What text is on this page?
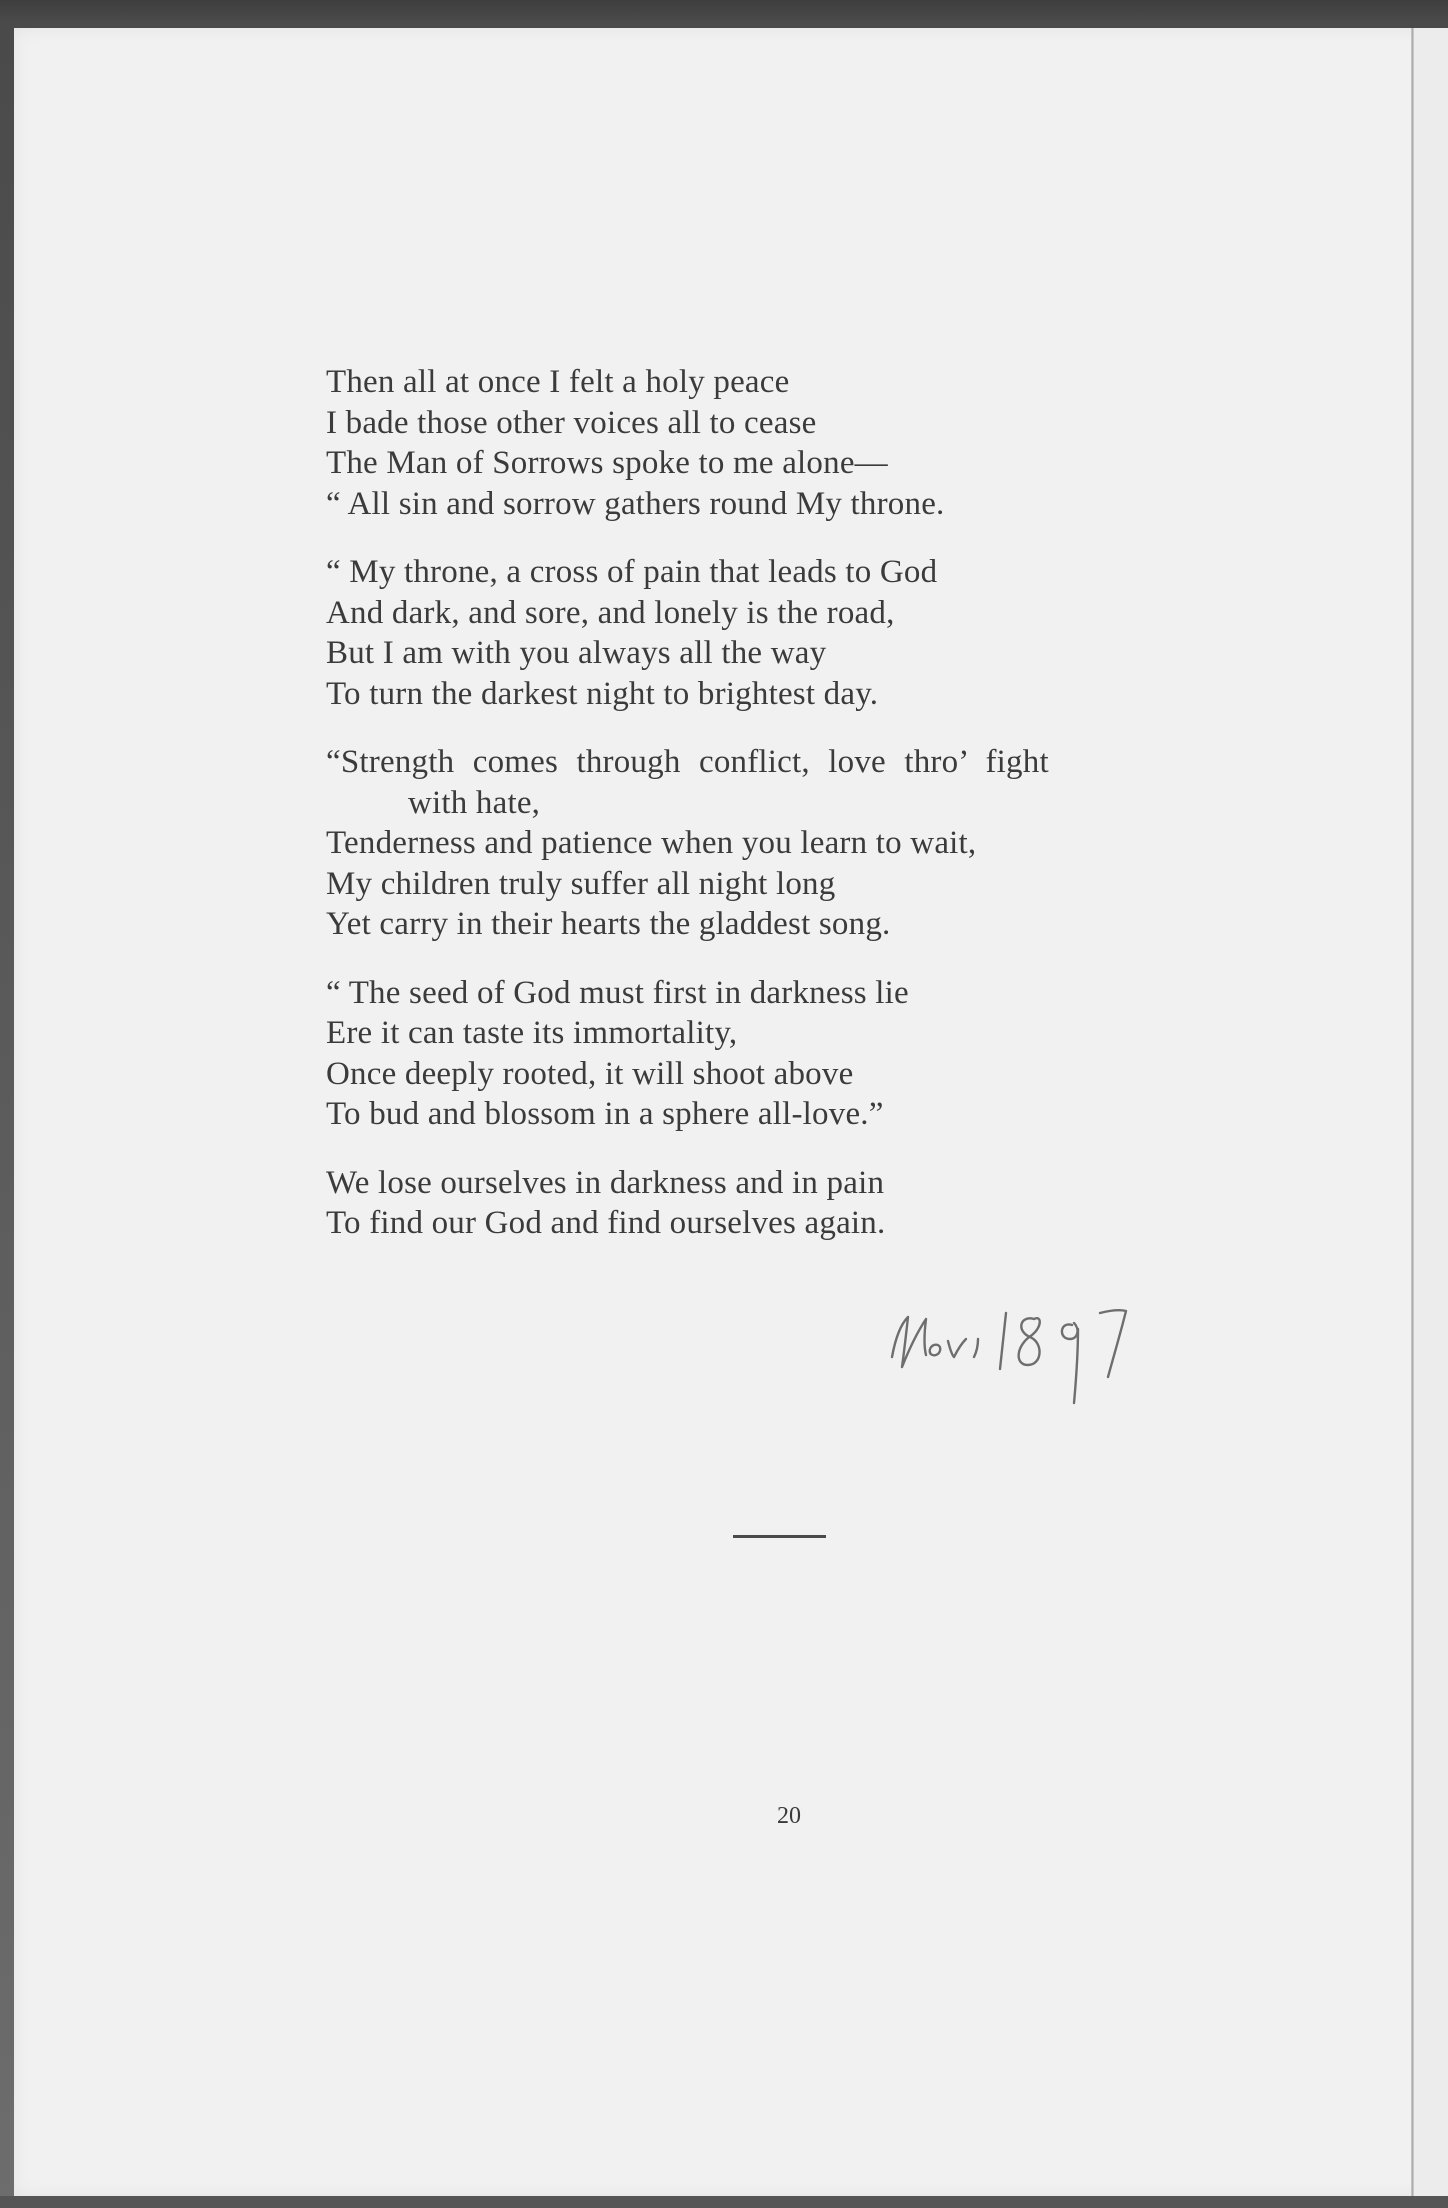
Then all at once I felt a holy peace
I bade those other voices all to cease
The Man of Sorrows spoke to me alone—
“ All sin and sorrow gathers round My throne.
“ My throne, a cross of pain that leads to God
And dark, and sore, and lonely is the road,
But I am with you always all the way
To turn the darkest night to brightest day.
“Strength comes through conflict, love thro’ fight
with hate,
Tenderness and patience when you learn to wait,
My children truly suffer all night long
Yet carry in their hearts the gladdest song.
“ The seed of God must first in darkness lie
Ere it can taste its immortality,
Once deeply rooted, it will shoot above
To bud and blossom in a sphere all-love.”
We lose ourselves in darkness and in pain
To find our God and find ourselves again.
20
